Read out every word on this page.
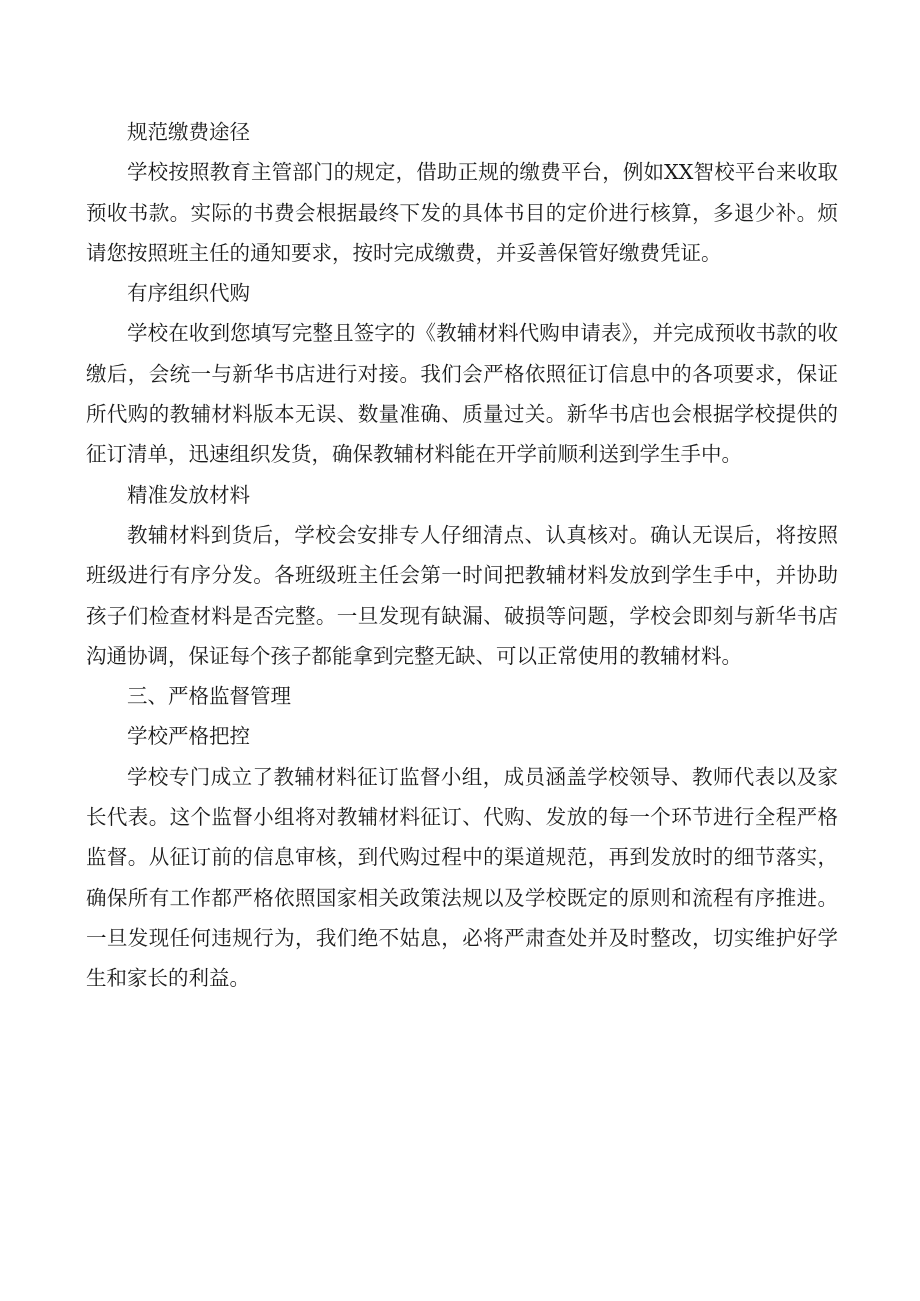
规范缴费途径

学校按照教育主管部门的规定，借助正规的缴费平台，例如XX智校平台来收取预收书款。实际的书费会根据最终下发的具体书目的定价进行核算，多退少补。烦请您按照班主任的通知要求，按时完成缴费，并妥善保管好缴费凭证。

有序组织代购

学校在收到您填写完整且签字的《教辅材料代购申请表》，并完成预收书款的收缴后，会统一与新华书店进行对接。我们会严格依照征订信息中的各项要求，保证所代购的教辅材料版本无误、数量准确、质量过关。新华书店也会根据学校提供的征订清单，迅速组织发货，确保教辅材料能在开学前顺利送到学生手中。

精准发放材料

教辅材料到货后，学校会安排专人仔细清点、认真核对。确认无误后，将按照班级进行有序分发。各班级班主任会第一时间把教辅材料发放到学生手中，并协助孩子们检查材料是否完整。一旦发现有缺漏、破损等问题，学校会即刻与新华书店沟通协调，保证每个孩子都能拿到完整无缺、可以正常使用的教辅材料。

三、严格监督管理

学校严格把控

学校专门成立了教辅材料征订监督小组，成员涵盖学校领导、教师代表以及家长代表。这个监督小组将对教辅材料征订、代购、发放的每一个环节进行全程严格监督。从征订前的信息审核，到代购过程中的渠道规范，再到发放时的细节落实，确保所有工作都严格依照国家相关政策法规以及学校既定的原则和流程有序推进。一旦发现任何违规行为，我们绝不姑息，必将严肃查处并及时整改，切实维护好学生和家长的利益。
